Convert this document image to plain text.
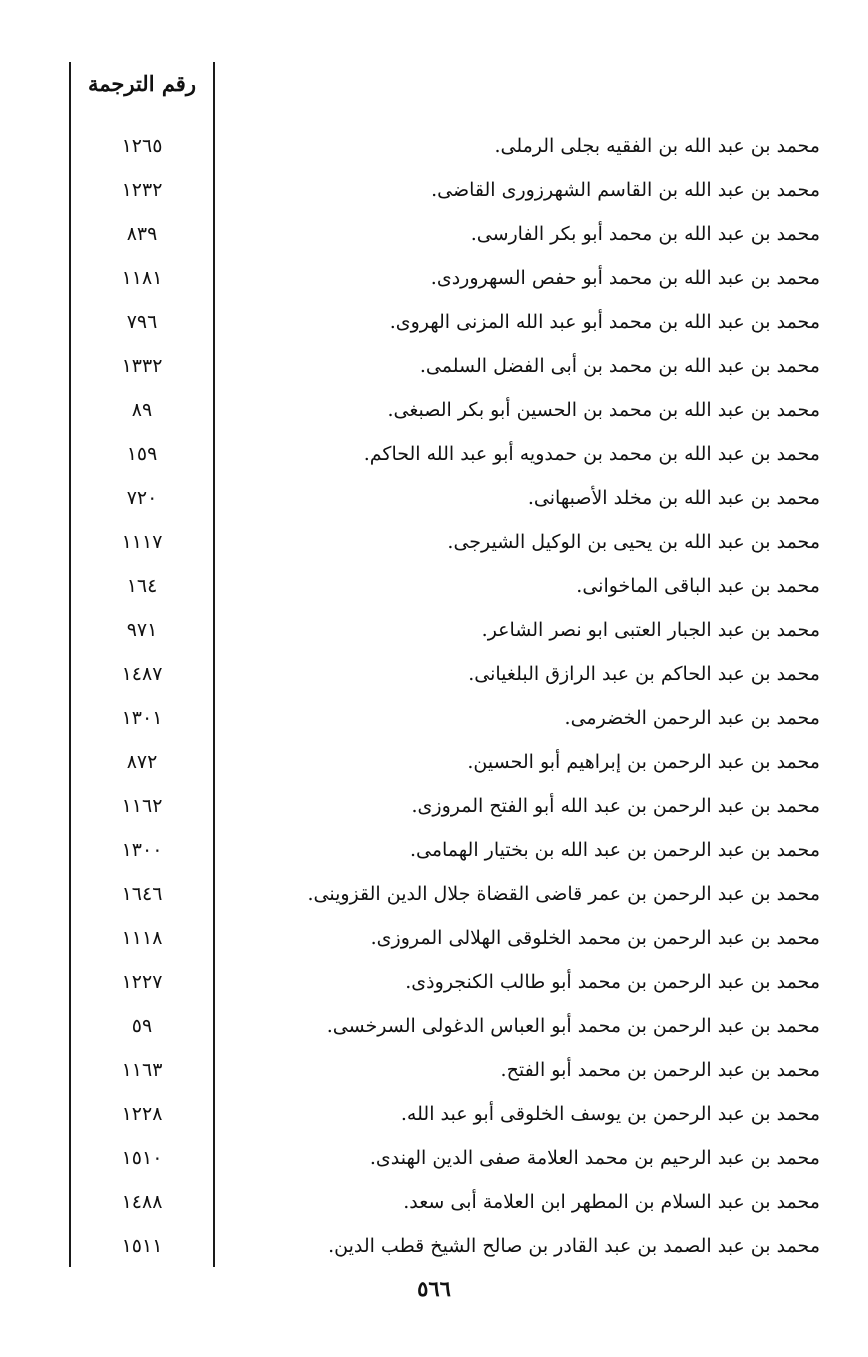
رقم الترجمة
محمد بن عبد الله بن الفقيه بجلى الرملى.
١٢٦٥
محمد بن عبد الله بن القاسم الشهرزورى القاضى.
١٢٣٢
محمد بن عبد الله بن محمد أبو بكر الفارسى.
٨٣٩
محمد بن عبد الله بن محمد أبو حفص السهروردى.
١١٨١
محمد بن عبد الله بن محمد أبو عبد الله المزنى الهروى.
٧٩٦
محمد بن عبد الله بن محمد بن أبى الفضل السلمى.
١٣٣٢
محمد بن عبد الله بن محمد بن الحسين أبو بكر الصبغى.
٨٩
محمد بن عبد الله بن محمد بن حمدويه أبو عبد الله الحاكم.
١٥٩
محمد بن عبد الله بن مخلد الأصبهانى.
٧٢٠
محمد بن عبد الله بن يحيى بن الوكيل الشيرجى.
١١١٧
محمد بن عبد الباقى الماخوانى.
١٦٤
محمد بن عبد الجبار العتبى ابو نصر الشاعر.
٩٧١
محمد بن عبد الحاكم بن عبد الرازق البلغيانى.
١٤٨٧
محمد بن عبد الرحمن الخضرمى.
١٣٠١
محمد بن عبد الرحمن بن إبراهيم أبو الحسين.
٨٧٢
محمد بن عبد الرحمن بن عبد الله أبو الفتح المروزى.
١١٦٢
محمد بن عبد الرحمن بن عبد الله بن بختيار الهمامى.
١٣٠٠
محمد بن عبد الرحمن بن عمر قاضى القضاة جلال الدين القزوينى.
١٦٤٦
محمد بن عبد الرحمن بن محمد الخلوقى الهلالى المروزى.
١١١٨
محمد بن عبد الرحمن بن محمد أبو طالب الكنجروذى.
١٢٢٧
محمد بن عبد الرحمن بن محمد أبو العباس الدغولى السرخسى.
٥٩
محمد بن عبد الرحمن بن محمد أبو الفتح.
١١٦٣
محمد بن عبد الرحمن بن يوسف الخلوقى أبو عبد الله.
١٢٢٨
محمد بن عبد الرحيم بن محمد العلامة صفى الدين الهندى.
١٥١٠
محمد بن عبد السلام بن المطهر ابن العلامة أبى سعد.
١٤٨٨
محمد بن عبد الصمد بن عبد القادر بن صالح الشيخ قطب الدين.
١٥١١
٥٦٦
